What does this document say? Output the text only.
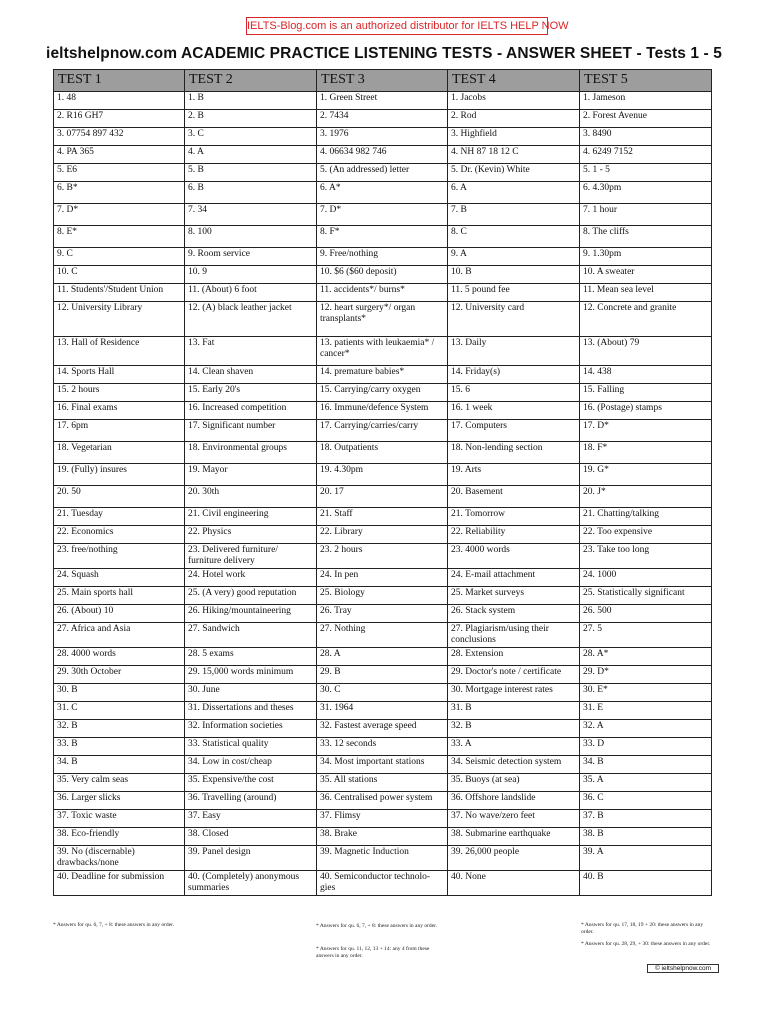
IELTS-Blog.com is an authorized distributor for IELTS HELP NOW
ieltshelpnow.com ACADEMIC PRACTICE LISTENING TESTS - ANSWER SHEET - Tests 1 - 5
TEST 1	TEST 2	TEST 3	TEST 4	TEST 5
1. 48	1. B	1. Green Street	1. Jacobs	1. Jameson
2. R16 GH7	2. B	2. 7434	2. Rod	2. Forest Avenue
3. 07754 897 432	3. C	3. 1976	3. Highfield	3. 8490
4. PA 365	4. A	4. 06634 982 746	4. NH 87 18 12 C	4. 6249 7152
5. E6	5. B	5. (An addressed) letter	5. Dr. (Kevin) White	5. 1 - 5
6. B*	6. B	6. A*	6. A	6. 4.30pm
7. D*	7. 34	7. D*	7. B	7. 1 hour
8. E*	8. 100	8. F*	8. C	8. The cliffs
9. C	9. Room service	9. Free/nothing	9. A	9. 1.30pm
10. C	10. 9	10. $6 ($60 deposit)	10. B	10. A sweater
11. Students'/Student Union	11. (About) 6 foot	11. accidents*/ burns*	11. 5 pound fee	11. Mean sea level
12. University Library	12. (A) black leather jacket	12. heart surgery*/ organ transplants*	12. University card	12. Concrete and granite
13. Hall of Residence	13. Fat	13. patients with leukaemia* / cancer*	13. Daily	13. (About) 79
14. Sports Hall	14. Clean shaven	14. premature babies*	14. Friday(s)	14. 438
15. 2 hours	15. Early 20's	15. Carrying/carry oxygen	15. 6	15. Falling
16. Final exams	16. Increased competition	16. Immune/defence System	16. 1 week	16. (Postage) stamps
17. 6pm	17. Significant number	17. Carrying/carries/carry	17. Computers	17. D*
18. Vegetarian	18. Environmental groups	18. Outpatients	18. Non-lending section	18. F*
19. (Fully) insures	19. Mayor	19. 4.30pm	19. Arts	19. G*
20. 50	20. 30th	20. 17	20. Basement	20. J*
21. Tuesday	21. Civil engineering	21. Staff	21. Tomorrow	21. Chatting/talking
22. Economics	22. Physics	22. Library	22. Reliability	22. Too expensive
23. free/nothing	23. Delivered furniture/ furniture delivery	23. 2 hours	23. 4000 words	23. Take too long
24. Squash	24. Hotel work	24. In pen	24. E-mail attachment	24. 1000
25. Main sports hall	25. (A very) good reputation	25. Biology	25. Market surveys	25. Statistically significant
26. (About) 10	26. Hiking/mountaineering	26. Tray	26. Stack system	26. 500
27. Africa and Asia	27. Sandwich	27. Nothing	27. Plagiarism/using their conclusions	27. 5
28. 4000 words	28. 5 exams	28. A	28. Extension	28. A*
29. 30th October	29. 15,000 words minimum	29. B	29. Doctor's note / certificate	29. D*
30. B	30. June	30. C	30. Mortgage interest rates	30. E*
31. C	31. Dissertations and theses	31. 1964	31. B	31. E
32. B	32. Information societies	32. Fastest average speed	32. B	32. A
33. B	33. Statistical quality	33. 12 seconds	33. A	33. D
34. B	34. Low in cost/cheap	34. Most important stations	34. Seismic detection system	34. B
35. Very calm seas	35. Expensive/the cost	35. All stations	35. Buoys (at sea)	35. A
36. Larger slicks	36. Travelling (around)	36. Centralised power system	36. Offshore landslide	36. C
37. Toxic waste	37. Easy	37. Flimsy	37. No wave/zero feet	37. B
38. Eco-friendly	38. Closed	38. Brake	38. Submarine earthquake	38. B
39. No (discernable) drawbacks/none	39. Panel design	39. Magnetic Induction	39. 26,000 people	39. A
40. Deadline for submission	40. (Completely) anonymous summaries	40. Semiconductor technolo-gies	40. None	40. B
* Answers for qu. 6, 7, + 8: these answers in any order.	* Answers for qu. 6, 7, + 8: these answers in any order.
* Answers for qu. 11, 12, 13 + 14: any 4 from these answers in any order.
* Answers for qu. 17, 18, 19 + 20: these answers in any order.
* Answers for qu. 28, 29, + 30: these answers in any order.
© ieltshelpnow.com
